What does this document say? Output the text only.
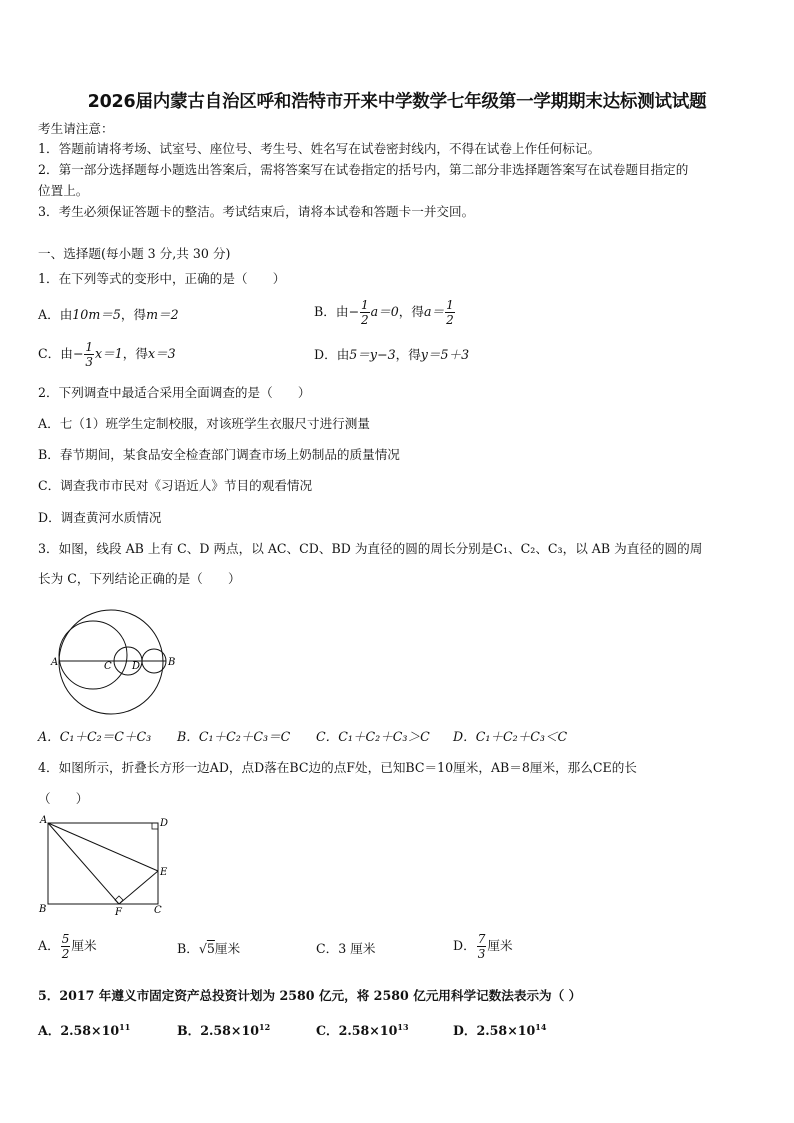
2026届内蒙古自治区呼和浩特市开来中学数学七年级第一学期期末达标测试试题
考生请注意：
1．答题前请将考场、试室号、座位号、考生号、姓名写在试卷密封线内，不得在试卷上作任何标记。
2．第一部分选择题每小题选出答案后，需将答案写在试卷指定的括号内，第二部分非选择题答案写在试卷题目指定的
位置上。
3．考生必须保证答题卡的整洁。考试结束后，请将本试卷和答题卡一并交回。
一、选择题(每小题 3 分,共 30 分)
1．在下列等式的变形中，正确的是（　　）
A．由10m＝5，得m＝2	B．由− $\frac{1}{2} a=0$，得$a= \frac{1}{2}$
C．由− $\frac{1}{3} x=1$，得x＝3	D．由5＝y−3，得y＝5＋3
2．下列调查中最适合采用全面调查的是（　　）
A．七（1）班学生定制校服，对该班学生衣服尺寸进行测量
B．春节期间，某食品安全检查部门调查市场上奶制品的质量情况
C．调查我市市民对《习语近人》节目的观看情况
D．调查黄河水质情况
3．如图，线段 AB 上有 C、D 两点，以 AC、CD、BD 为直径的圆的周长分别是C₁、C₂、C₃，以 AB 为直径的圆的周
长为 C，下列结论正确的是（　　）
A	C D	B
A．C₁＋C₂＝C＋C₃ B．C₁＋C₂＋C₃＝C C．C₁＋C₂＋C₃＞C D．C₁＋C₂＋C₃＜C
4．如图所示，折叠长方形一边AD，点D落在BC边的点F处，已知BC＝10厘米，AB＝8厘米，那么CE的长
（　　）
A	D
E
B	F	C
A． $\frac{5}{2}$ 厘米	B．√5厘米	C．3 厘米	D． $\frac{7}{3}$ 厘米
5．2017 年遵义市固定资产总投资计划为 2580 亿元，将 2580 亿元用科学记数法表示为（ ）
A．$2.58\times 10^{11}$	B．$2.58\times 10^{12}$	C．$2.58\times 10^{13}$	D．$2.58\times 10^{14}$
